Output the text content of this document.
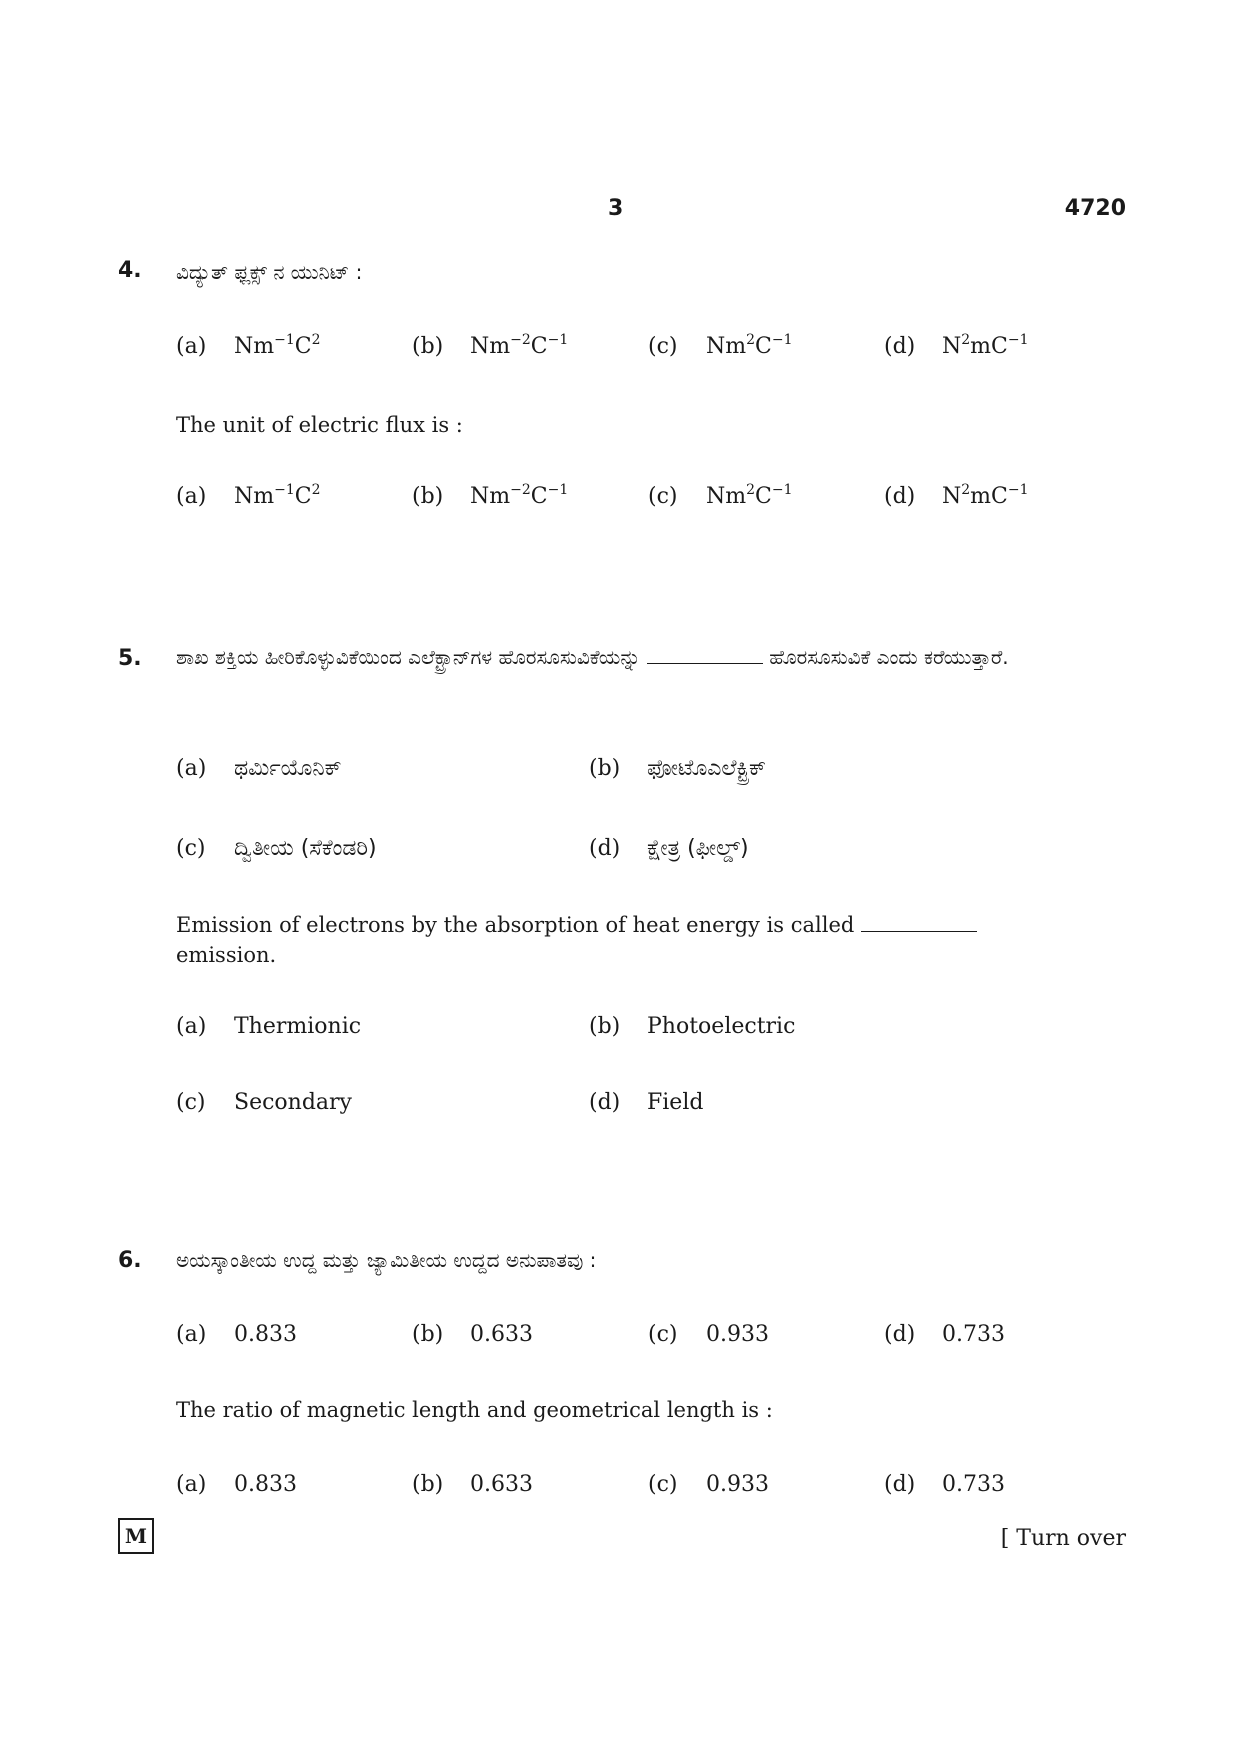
3	4720
4. ವಿದ್ಯುತ್ ಫ್ಲಕ್ಸ್ ನ ಯುನಿಟ್ :
(a) $Nm^{-1}C^2$	(b) $Nm^{-2}C^{-1}$	(c) $Nm^2C^{-1}$	(d) $N^2mC^{-1}$
The unit of electric flux is :
(a) $Nm^{-1}C^2$	(b) $Nm^{-2}C^{-1}$	(c) $Nm^2C^{-1}$	(d) $N^2mC^{-1}$
5. ಶಾಖ ಶಕ್ತಿಯ ಹೀರಿಕೊಳ್ಳುವಿಕೆಯಿಂದ ಎಲೆಕ್ಟ್ರಾನ್‌ಗಳ ಹೊರಸೂಸುವಿಕೆಯನ್ನು	ಹೊರಸೂಸುವಿಕೆ ಎಂದು ಕರೆಯುತ್ತಾರೆ.
(a) ಥರ್ಮಿಯೊನಿಕ್	(b) ಫೋಟೊಎಲೆಕ್ಟ್ರಿಕ್
(c) ದ್ವಿತೀಯ (ಸೆಕೆಂಡರಿ)	(d) ಕ್ಷೇತ್ರ (ಫೀಲ್ಡ್)
Emission of electrons by the absorption of heat energy is called  emission.
(a) Thermionic	(b) Photoelectric
(c) Secondary	(d) Field
6. ಅಯಸ್ಕಾಂತೀಯ ಉದ್ದ ಮತ್ತು ಜ್ಯಾಮಿತೀಯ ಉದ್ದದ ಅನುಪಾತವು :
(a) 0.833	(b) 0.633	(c) 0.933	(d) 0.733
The ratio of magnetic length and geometrical length is :
(a) 0.833	(b) 0.633	(c) 0.933	(d) 0.733
M	[ Turn over
